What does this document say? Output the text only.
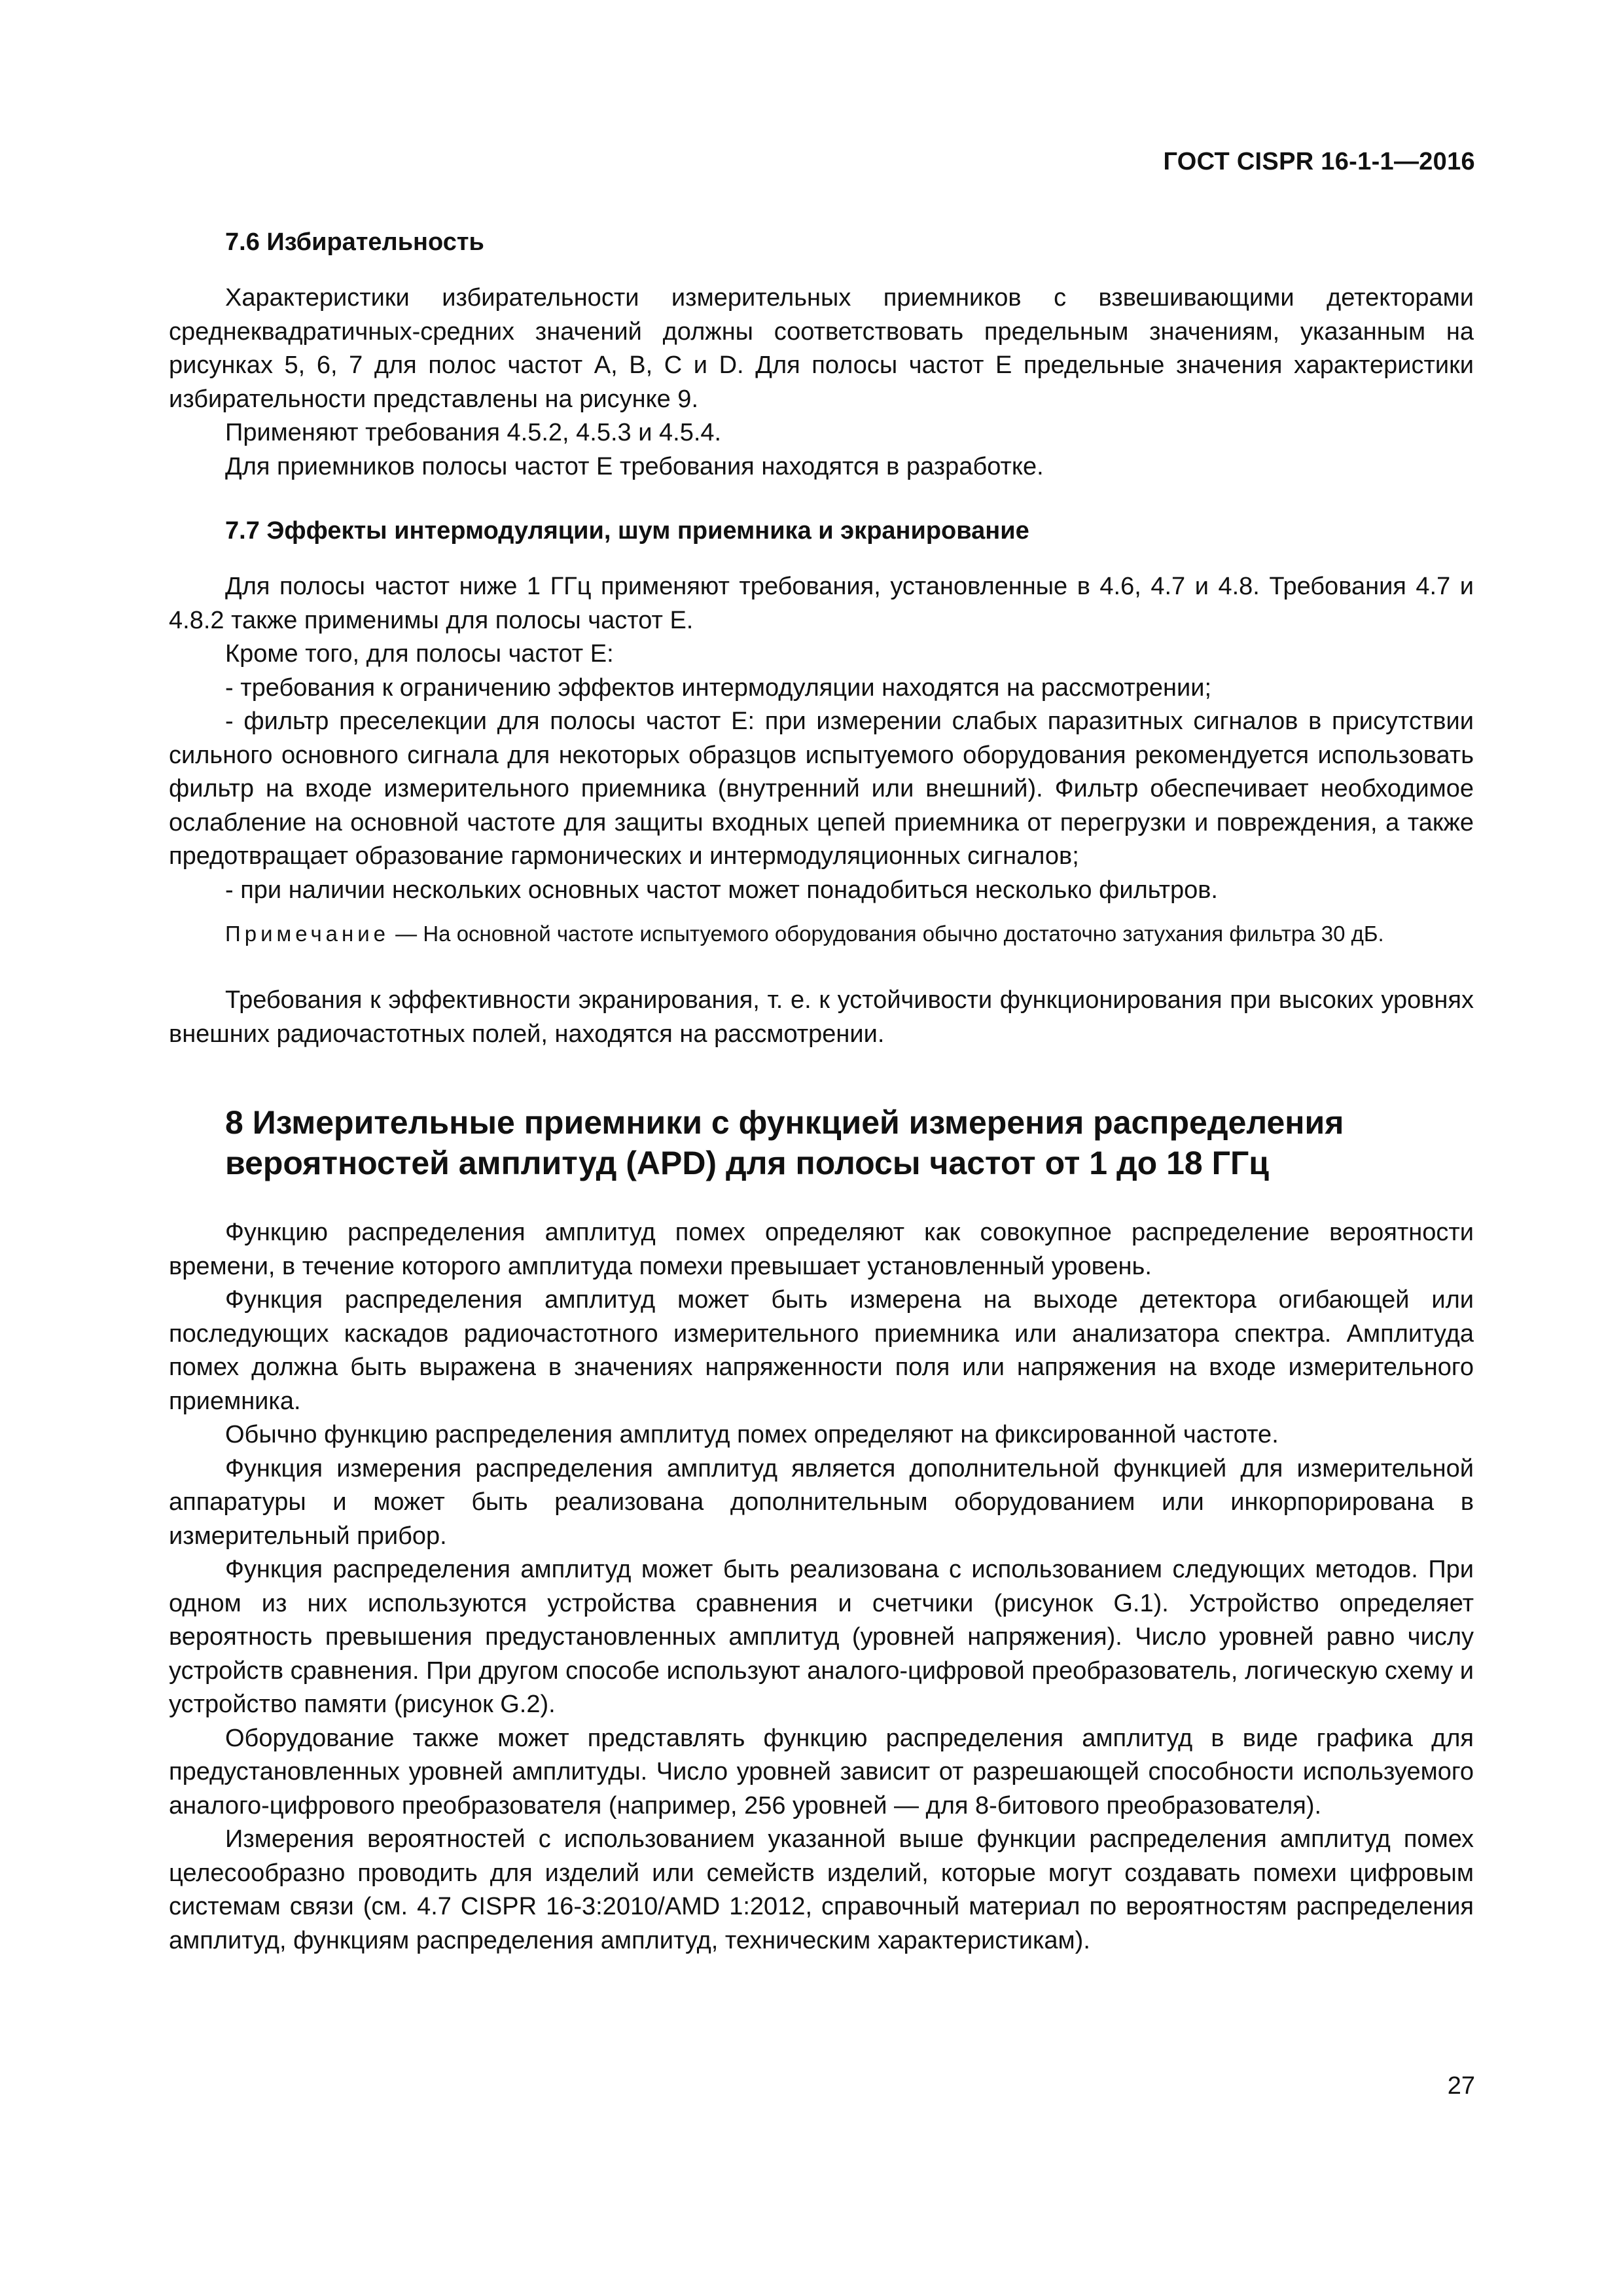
ГОСТ CISPR 16-1-1—2016
7.6 Избирательность

Характеристики избирательности измерительных приемников с взвешивающими детекторами среднеквадратичных-средних значений должны соответствовать предельным значениям, указанным на рисунках 5, 6, 7 для полос частот А, В, С и D. Для полосы частот Е предельные значения характеристики избирательности представлены на рисунке 9.

Применяют требования 4.5.2, 4.5.3 и 4.5.4.

Для приемников полосы частот Е требования находятся в разработке.

7.7 Эффекты интермодуляции, шум приемника и экранирование

Для полосы частот ниже 1 ГГц применяют требования, установленные в 4.6, 4.7 и 4.8. Требования 4.7 и 4.8.2 также применимы для полосы частот Е.

Кроме того, для полосы частот Е:

- требования к ограничению эффектов интермодуляции находятся на рассмотрении;

- фильтр преселекции для полосы частот Е: при измерении слабых паразитных сигналов в присутствии сильного основного сигнала для некоторых образцов испытуемого оборудования рекомендуется использовать фильтр на входе измерительного приемника (внутренний или внешний). Фильтр обеспечивает необходимое ослабление на основной частоте для защиты входных цепей приемника от перегрузки и повреждения, а также предотвращает образование гармонических и интермодуляционных сигналов;

- при наличии нескольких основных частот может понадобиться несколько фильтров.

Примечание — На основной частоте испытуемого оборудования обычно достаточно затухания фильтра 30 дБ.

Требования к эффективности экранирования, т. е. к устойчивости функционирования при высоких уровнях внешних радиочастотных полей, находятся на рассмотрении.

8 Измерительные приемники с функцией измерения распределения вероятностей амплитуд (APD) для полосы частот от 1 до 18 ГГц

Функцию распределения амплитуд помех определяют как совокупное распределение вероятности времени, в течение которого амплитуда помехи превышает установленный уровень.

Функция распределения амплитуд может быть измерена на выходе детектора огибающей или последующих каскадов радиочастотного измерительного приемника или анализатора спектра. Амплитуда помех должна быть выражена в значениях напряженности поля или напряжения на входе измерительного приемника.

Обычно функцию распределения амплитуд помех определяют на фиксированной частоте.

Функция измерения распределения амплитуд является дополнительной функцией для измерительной аппаратуры и может быть реализована дополнительным оборудованием или инкорпорирована в измерительный прибор.

Функция распределения амплитуд может быть реализована с использованием следующих методов. При одном из них используются устройства сравнения и счетчики (рисунок G.1). Устройство определяет вероятность превышения предустановленных амплитуд (уровней напряжения). Число уровней равно числу устройств сравнения. При другом способе используют аналого-цифровой преобразователь, логическую схему и устройство памяти (рисунок G.2).

Оборудование также может представлять функцию распределения амплитуд в виде графика для предустановленных уровней амплитуды. Число уровней зависит от разрешающей способности используемого аналого-цифрового преобразователя (например, 256 уровней — для 8-битового преобразователя).

Измерения вероятностей с использованием указанной выше функции распределения амплитуд помех целесообразно проводить для изделий или семейств изделий, которые могут создавать помехи цифровым системам связи (см. 4.7 CISPR 16-3:2010/AMD 1:2012, справочный материал по вероятностям распределения амплитуд, функциям распределения амплитуд, техническим характеристикам).

27
